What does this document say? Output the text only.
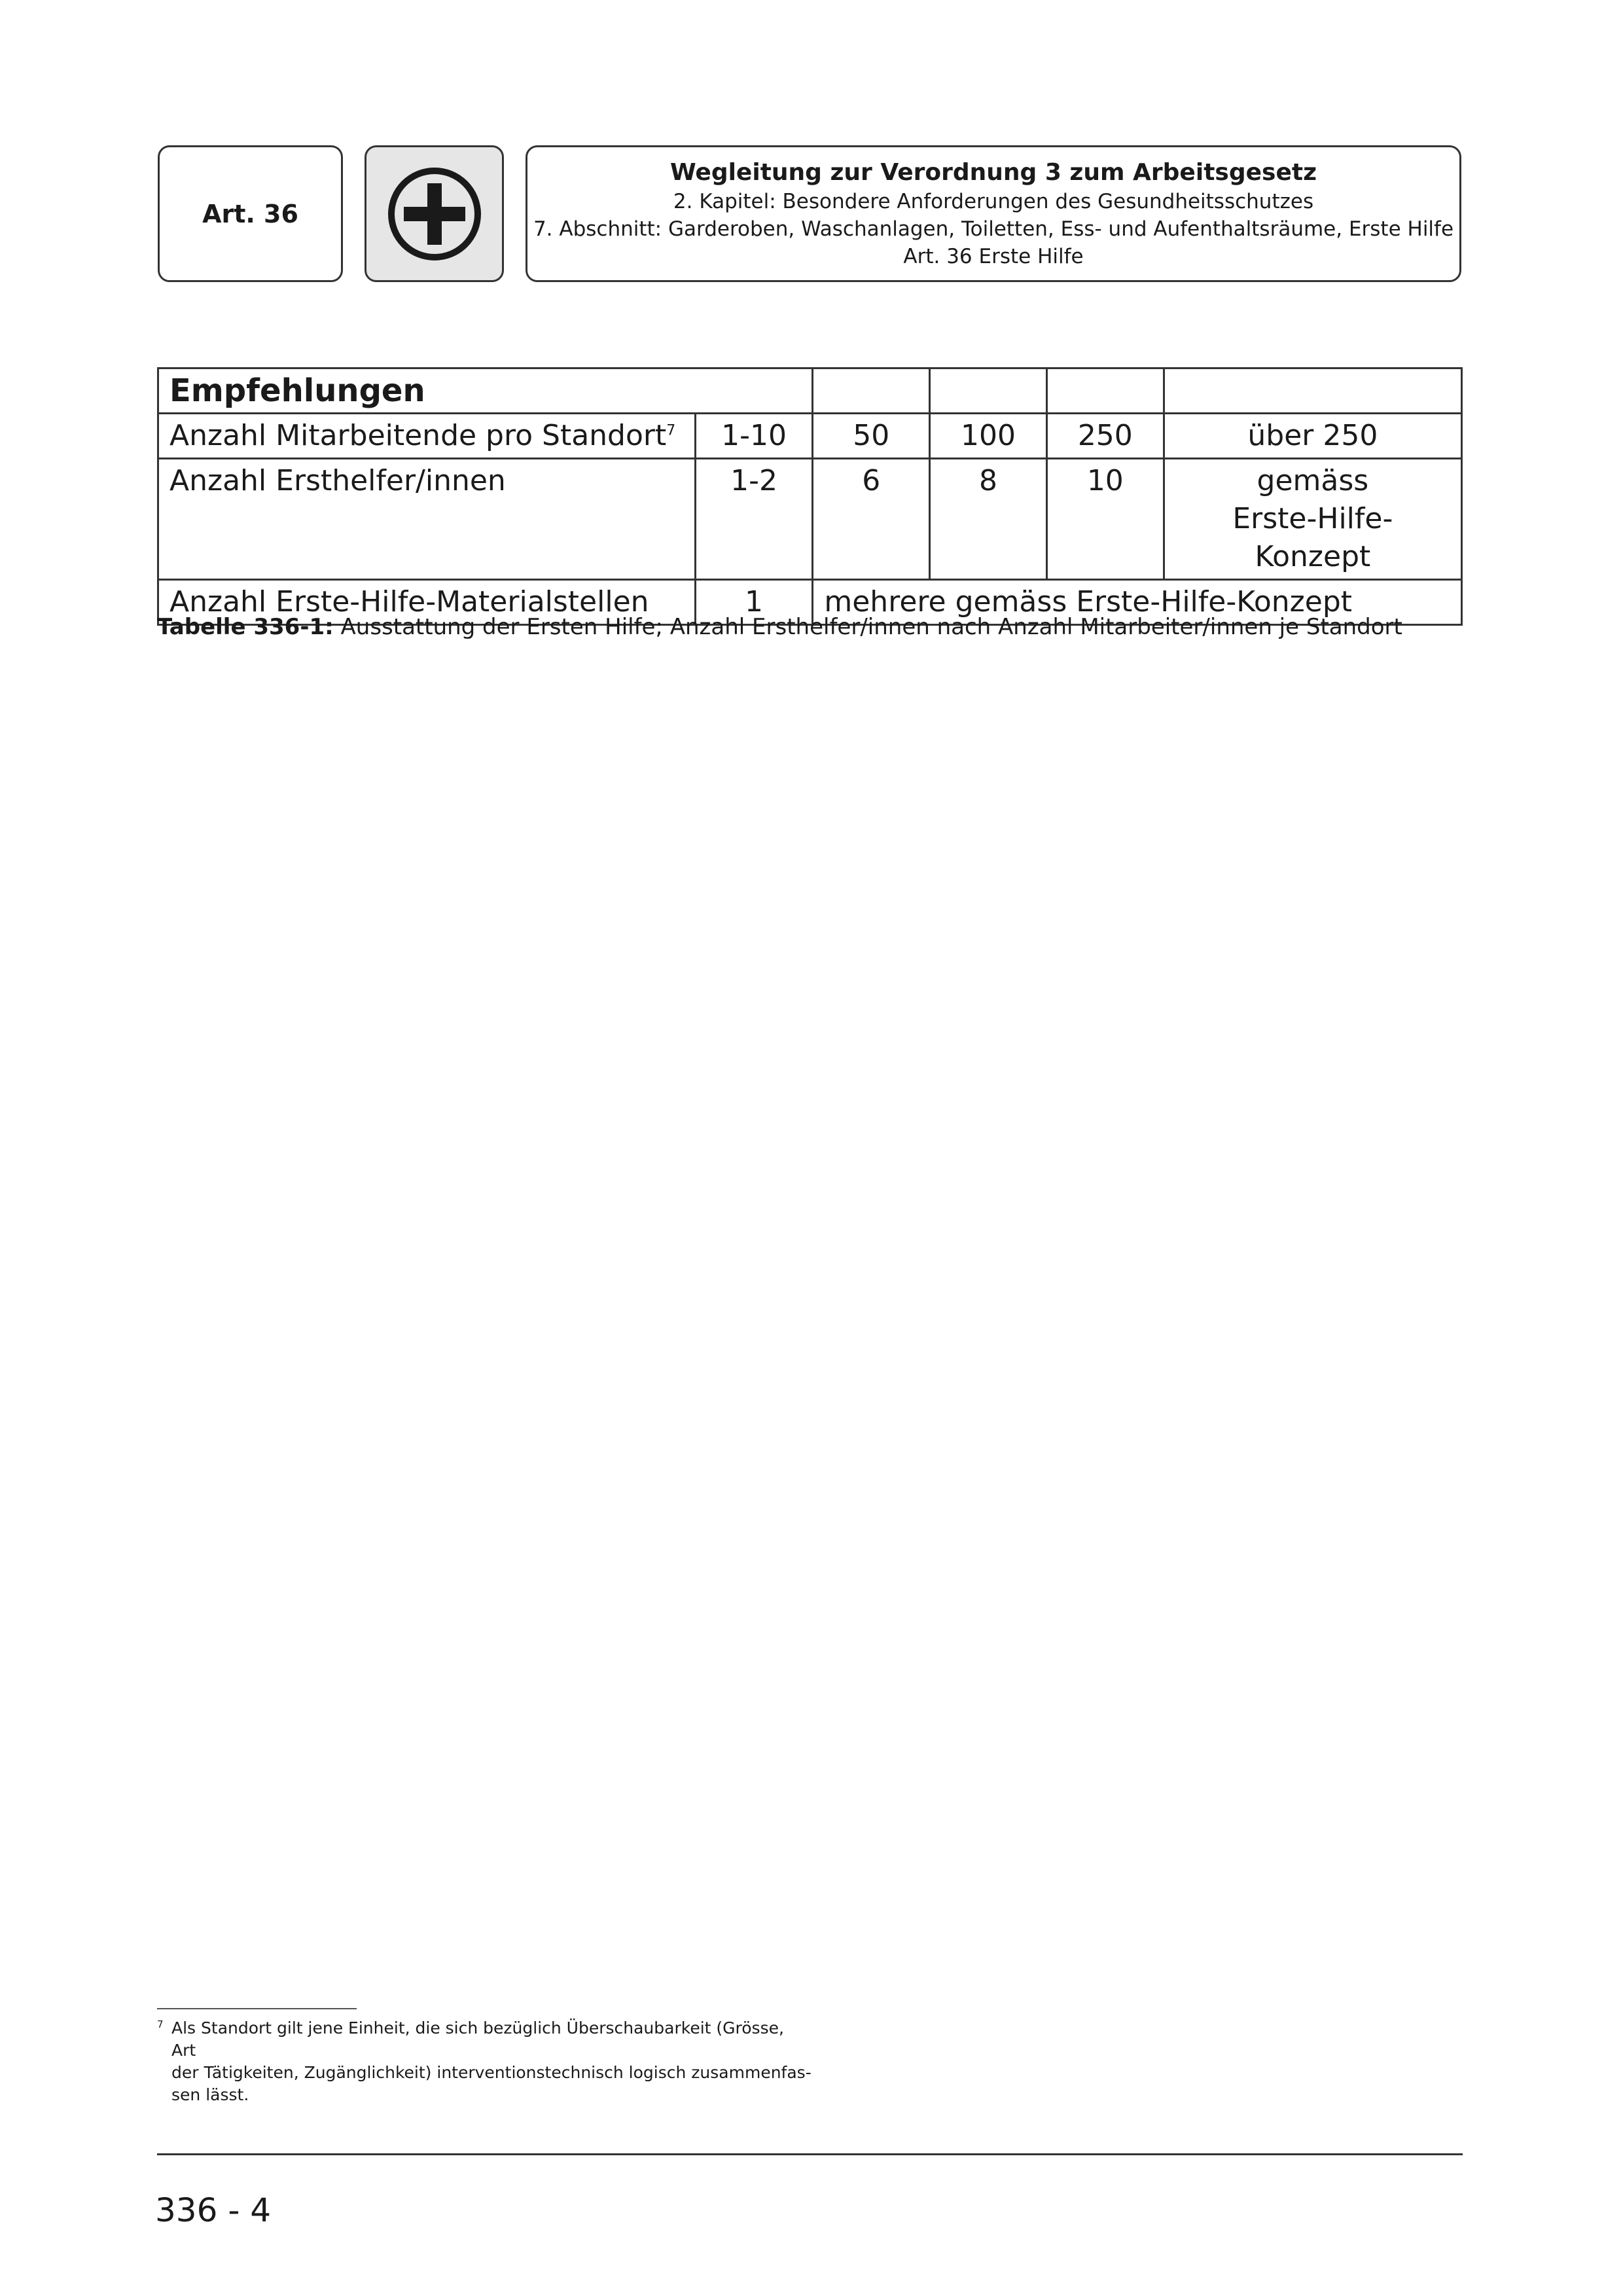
Art. 36
Wegleitung zur Verordnung 3 zum Arbeitsgesetz
2. Kapitel: Besondere Anforderungen des Gesundheitsschutzes
7. Abschnitt: Garderoben, Waschanlagen, Toiletten, Ess- und Aufenthaltsräume, Erste Hilfe
Art. 36 Erste Hilfe
Empfehlungen					
Anzahl Mitarbeitende pro Standort$^7$	1-10	50	100	250	über 250
Anzahl Ersthelfer/innen	1-2	6	8	10	gemäss
Erste-Hilfe-Konzept

Anzahl Erste-Hilfe-Materialstellen	1	mehrere gemäss Erste-Hilfe-Konzept			
Tabelle 336-1: Ausstattung der Ersten Hilfe; Anzahl Ersthelfer/innen nach Anzahl Mitarbeiter/innen je Standort
7 Als Standort gilt jene Einheit, die sich bezüglich Überschaubarkeit (Grösse, Art
der Tätigkeiten, Zugänglichkeit) interventionstechnisch logisch zusammenfas-
sen lässt.
336 - 4
